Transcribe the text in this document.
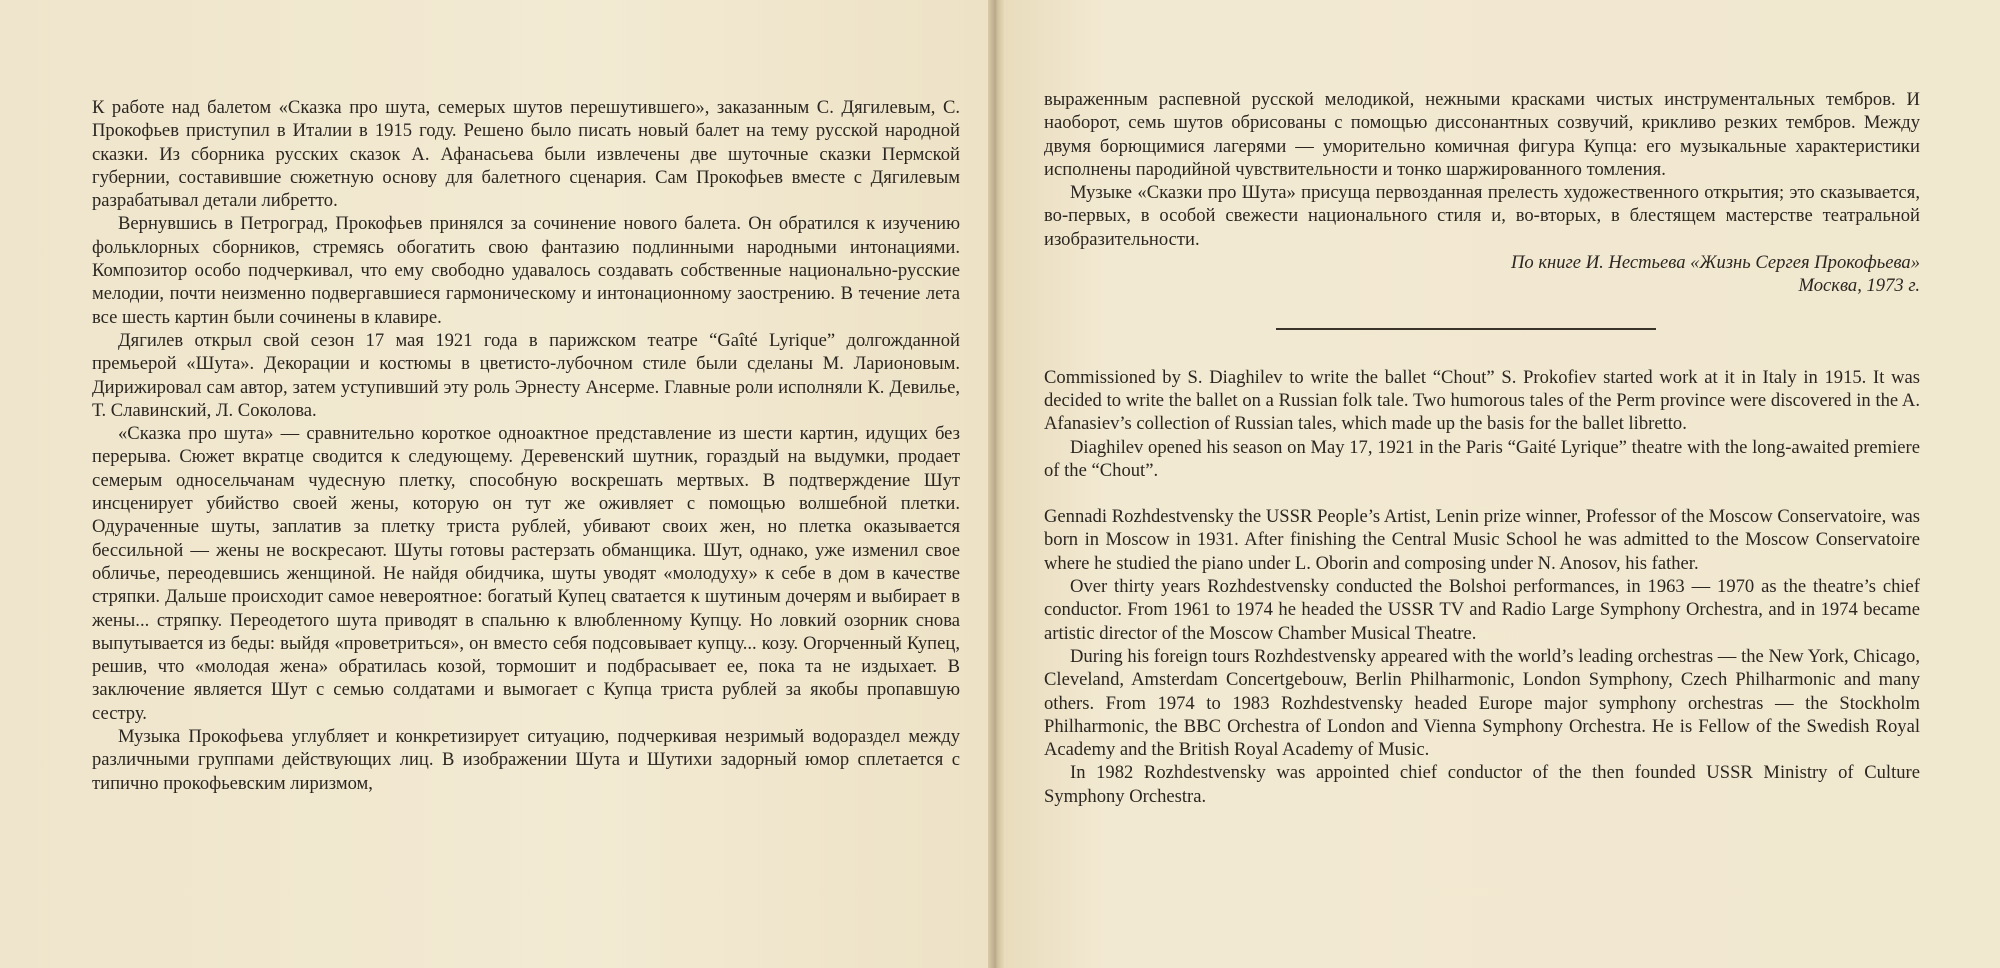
К работе над балетом «Сказка про шута, семерых шутов перешутившего», заказанным С. Дягилевым, С. Прокофьев приступил в Италии в 1915 году. Решено было писать новый балет на тему русской народной сказки. Из сборника русских сказок А. Афанасьева были извлечены две шуточные сказки Пермской губернии, составившие сюжетную основу для балетного сценария. Сам Прокофьев вместе с Дягилевым разрабатывал детали либретто.

Вернувшись в Петроград, Прокофьев принялся за сочинение нового балета. Он обратился к изучению фольклорных сборников, стремясь обогатить свою фантазию подлинными народными интонациями. Композитор особо подчеркивал, что ему свободно удавалось создавать собственные национально-русские мелодии, почти неизменно подвергавшиеся гармоническому и интонационному заострению. В течение лета все шесть картин были сочинены в клавире.

Дягилев открыл свой сезон 17 мая 1921 года в парижском театре “Gaîté Lyrique” долгожданной премьерой «Шута». Декорации и костюмы в цветисто-лубочном стиле были сделаны М. Ларионовым. Дирижировал сам автор, затем уступивший эту роль Эрнесту Ансерме. Главные роли исполняли К. Девилье, Т. Славинский, Л. Соколова.

«Сказка про шута» — сравнительно короткое одноактное представление из шести картин, идущих без перерыва. Сюжет вкратце сводится к следующему. Деревенский шутник, гораздый на выдумки, продает семерым односельчанам чудесную плетку, способную воскрешать мертвых. В подтверждение Шут инсценирует убийство своей жены, которую он тут же оживляет с помощью волшебной плетки. Одураченные шуты, заплатив за плетку триста рублей, убивают своих жен, но плетка оказывается бессильной — жены не воскресают. Шуты готовы растерзать обманщика. Шут, однако, уже изменил свое обличье, переодевшись женщиной. Не найдя обидчика, шуты уводят «молодуху» к себе в дом в качестве стряпки. Дальше происходит самое невероятное: богатый Купец сватается к шутиным дочерям и выбирает в жены... стряпку. Переодетого шута приводят в спальню к влюбленному Купцу. Но ловкий озорник снова выпутывается из беды: выйдя «проветриться», он вместо себя подсовывает купцу... козу. Огорченный Купец, решив, что «молодая жена» обратилась козой, тормошит и подбрасывает ее, пока та не издыхает. В заключение является Шут с семью солдатами и вымогает с Купца триста рублей за якобы пропавшую сестру.

Музыка Прокофьева углубляет и конкретизирует ситуацию, подчеркивая незримый водораздел между различными группами действующих лиц. В изображении Шута и Шутихи задорный юмор сплетается с типично прокофьевским лиризмом,

выраженным распевной русской мелодикой, нежными красками чистых инструментальных тембров. И наоборот, семь шутов обрисованы с помощью диссонантных созвучий, крикливо резких тембров. Между двумя борющимися лагерями — уморительно комичная фигура Купца: его музыкальные характеристики исполнены пародийной чувствительности и тонко шаржированного томления.

Музыке «Сказки про Шута» присуща первозданная прелесть художественного открытия; это сказывается, во-первых, в особой свежести национального стиля и, во-вторых, в блестящем мастерстве театральной изобразительности.

По книге И. Нестьева «Жизнь Сергея Прокофьева»
Москва, 1973 г.

Commissioned by S. Diaghilev to write the ballet “Chout” S. Prokofiev started work at it in Italy in 1915. It was decided to write the ballet on a Russian folk tale. Two humorous tales of the Perm province were discovered in the A. Afanasiev’s collection of Russian tales, which made up the basis for the ballet libretto.

Diaghilev opened his season on May 17, 1921 in the Paris “Gaité Lyrique” theatre with the long-awaited premiere of the “Chout”.

Gennadi Rozhdestvensky the USSR People’s Artist, Lenin prize winner, Professor of the Moscow Conservatoire, was born in Moscow in 1931. After finishing the Central Music School he was admitted to the Moscow Conservatoire where he studied the piano under L. Oborin and composing under N. Anosov, his father.

Over thirty years Rozhdestvensky conducted the Bolshoi performances, in 1963 — 1970 as the theatre’s chief conductor. From 1961 to 1974 he headed the USSR TV and Radio Large Symphony Orchestra, and in 1974 became artistic director of the Moscow Chamber Musical Theatre.

During his foreign tours Rozhdestvensky appeared with the world’s leading orchestras — the New York, Chicago, Cleveland, Amsterdam Concertgebouw, Berlin Philharmonic, London Symphony, Czech Philharmonic and many others. From 1974 to 1983 Rozhdestvensky headed Europe major symphony orchestras — the Stockholm Philharmonic, the BBC Orchestra of London and Vienna Symphony Orchestra. He is Fellow of the Swedish Royal Academy and the British Royal Academy of Music.

In 1982 Rozhdestvensky was appointed chief conductor of the then founded USSR Ministry of Culture Symphony Orchestra.
